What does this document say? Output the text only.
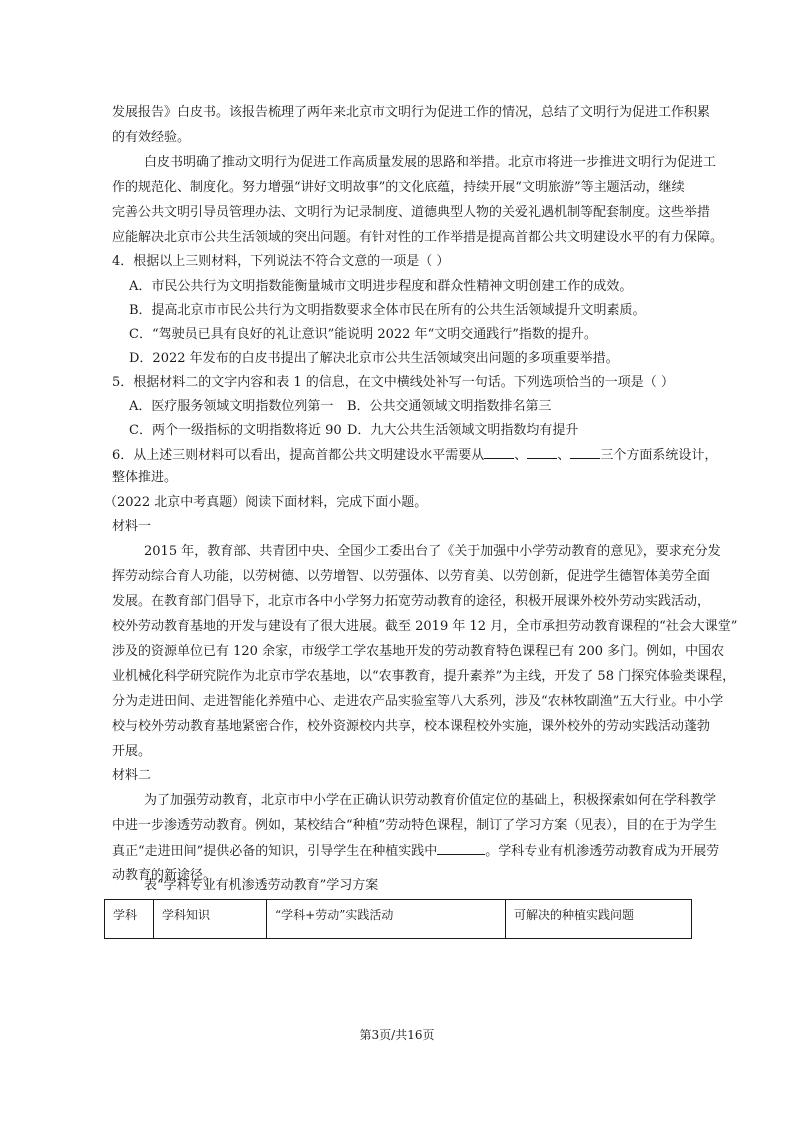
发展报告》白皮书。该报告梳理了两年来北京市文明行为促进工作的情况，总结了文明行为促进工作积累
的有效经验。
白皮书明确了推动文明行为促进工作高质量发展的思路和举措。北京市将进一步推进文明行为促进工
作的规范化、制度化。努力增强“讲好文明故事”的文化底蕴，持续开展“文明旅游”等主题活动，继续
完善公共文明引导员管理办法、文明行为记录制度、道德典型人物的关爱礼遇机制等配套制度。这些举措
应能解决北京市公共生活领域的突出问题。有针对性的工作举措是提高首都公共文明建设水平的有力保障。
4．根据以上三则材料，下列说法不符合文意的一项是（ ）
A．市民公共行为文明指数能衡量城市文明进步程度和群众性精神文明创建工作的成效。
B．提高北京市市民公共行为文明指数要求全体市民在所有的公共生活领域提升文明素质。
C．“驾驶员已具有良好的礼让意识”能说明 2022 年“文明交通践行”指数的提升。
D．2022 年发布的白皮书提出了解决北京市公共生活领域突出问题的多项重要举措。
5．根据材料二的文字内容和表 1 的信息，在文中横线处补写一句话。下列选项恰当的一项是（ ）
A．医疗服务领域文明指数位列第一 B．公共交通领域文明指数排名第三
C．两个一级指标的文明指数将近 90 D．九大公共生活领域文明指数均有提升
6．从上述三则材料可以看出，提高首都公共文明建设水平需要从 、 、 三个方面系统设计，
整体推进。
（2022 北京中考真题）阅读下面材料，完成下面小题。
材料一
2015 年，教育部、共青团中央、全国少工委出台了《关于加强中小学劳动教育的意见》，要求充分发
挥劳动综合育人功能，以劳树德、以劳增智、以劳强体、以劳育美、以劳创新，促进学生德智体美劳全面
发展。在教育部门倡导下，北京市各中小学努力拓宽劳动教育的途径，积极开展课外校外劳动实践活动，
校外劳动教育基地的开发与建设有了很大进展。截至 2019 年 12 月，全市承担劳动教育课程的“社会大课堂”
涉及的资源单位已有 120 余家，市级学工学农基地开发的劳动教育特色课程已有 200 多门。例如，中国农
业机械化科学研究院作为北京市学农基地，以“农事教育，提升素养”为主线，开发了 58 门探究体验类课程，
分为走进田间、走进智能化养殖中心、走进农产品实验室等八大系列，涉及“农林牧副渔”五大行业。中小学
校与校外劳动教育基地紧密合作，校外资源校内共享，校本课程校外实施，课外校外的劳动实践活动蓬勃
开展。
材料二
为了加强劳动教育，北京市中小学在正确认识劳动教育价值定位的基础上，积极探索如何在学科教学
中进一步渗透劳动教育。例如，某校结合“种植”劳动特色课程，制订了学习方案（见表），目的在于为学生
真正“走进田间”提供必备的知识，引导学生在种植实践中	。学科专业有机渗透劳动教育成为开展劳
动教育的新途径。
表“学科专业有机渗透劳动教育”学习方案
学科	学科知识	“学科+劳动”实践活动	可解决的种植实践问题
第3页/共16页
